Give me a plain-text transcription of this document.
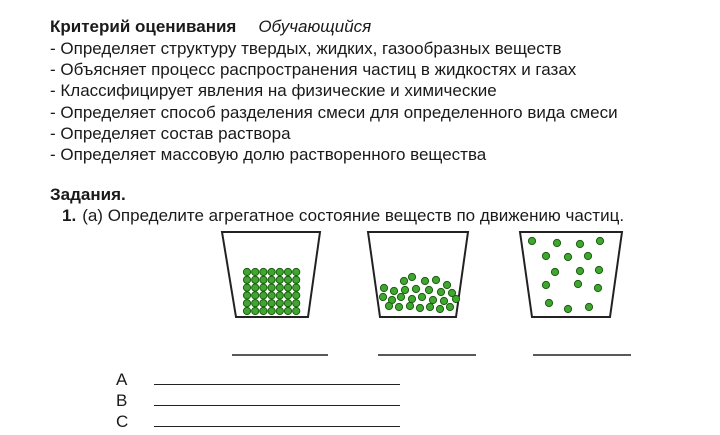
Критерий оценивания Обучающийся
- Определяет структуру твердых, жидких, газообразных веществ
- Объясняет процесс распространения частиц в жидкостях и газах
- Классифицирует явления на физические и химические
- Определяет способ разделения смеси для определенного вида смеси
- Определяет состав раствора
- Определяет массовую долю растворенного вещества
Задания.
1. (а) Определите агрегатное состояние веществ по движению частиц.
A
B
C
